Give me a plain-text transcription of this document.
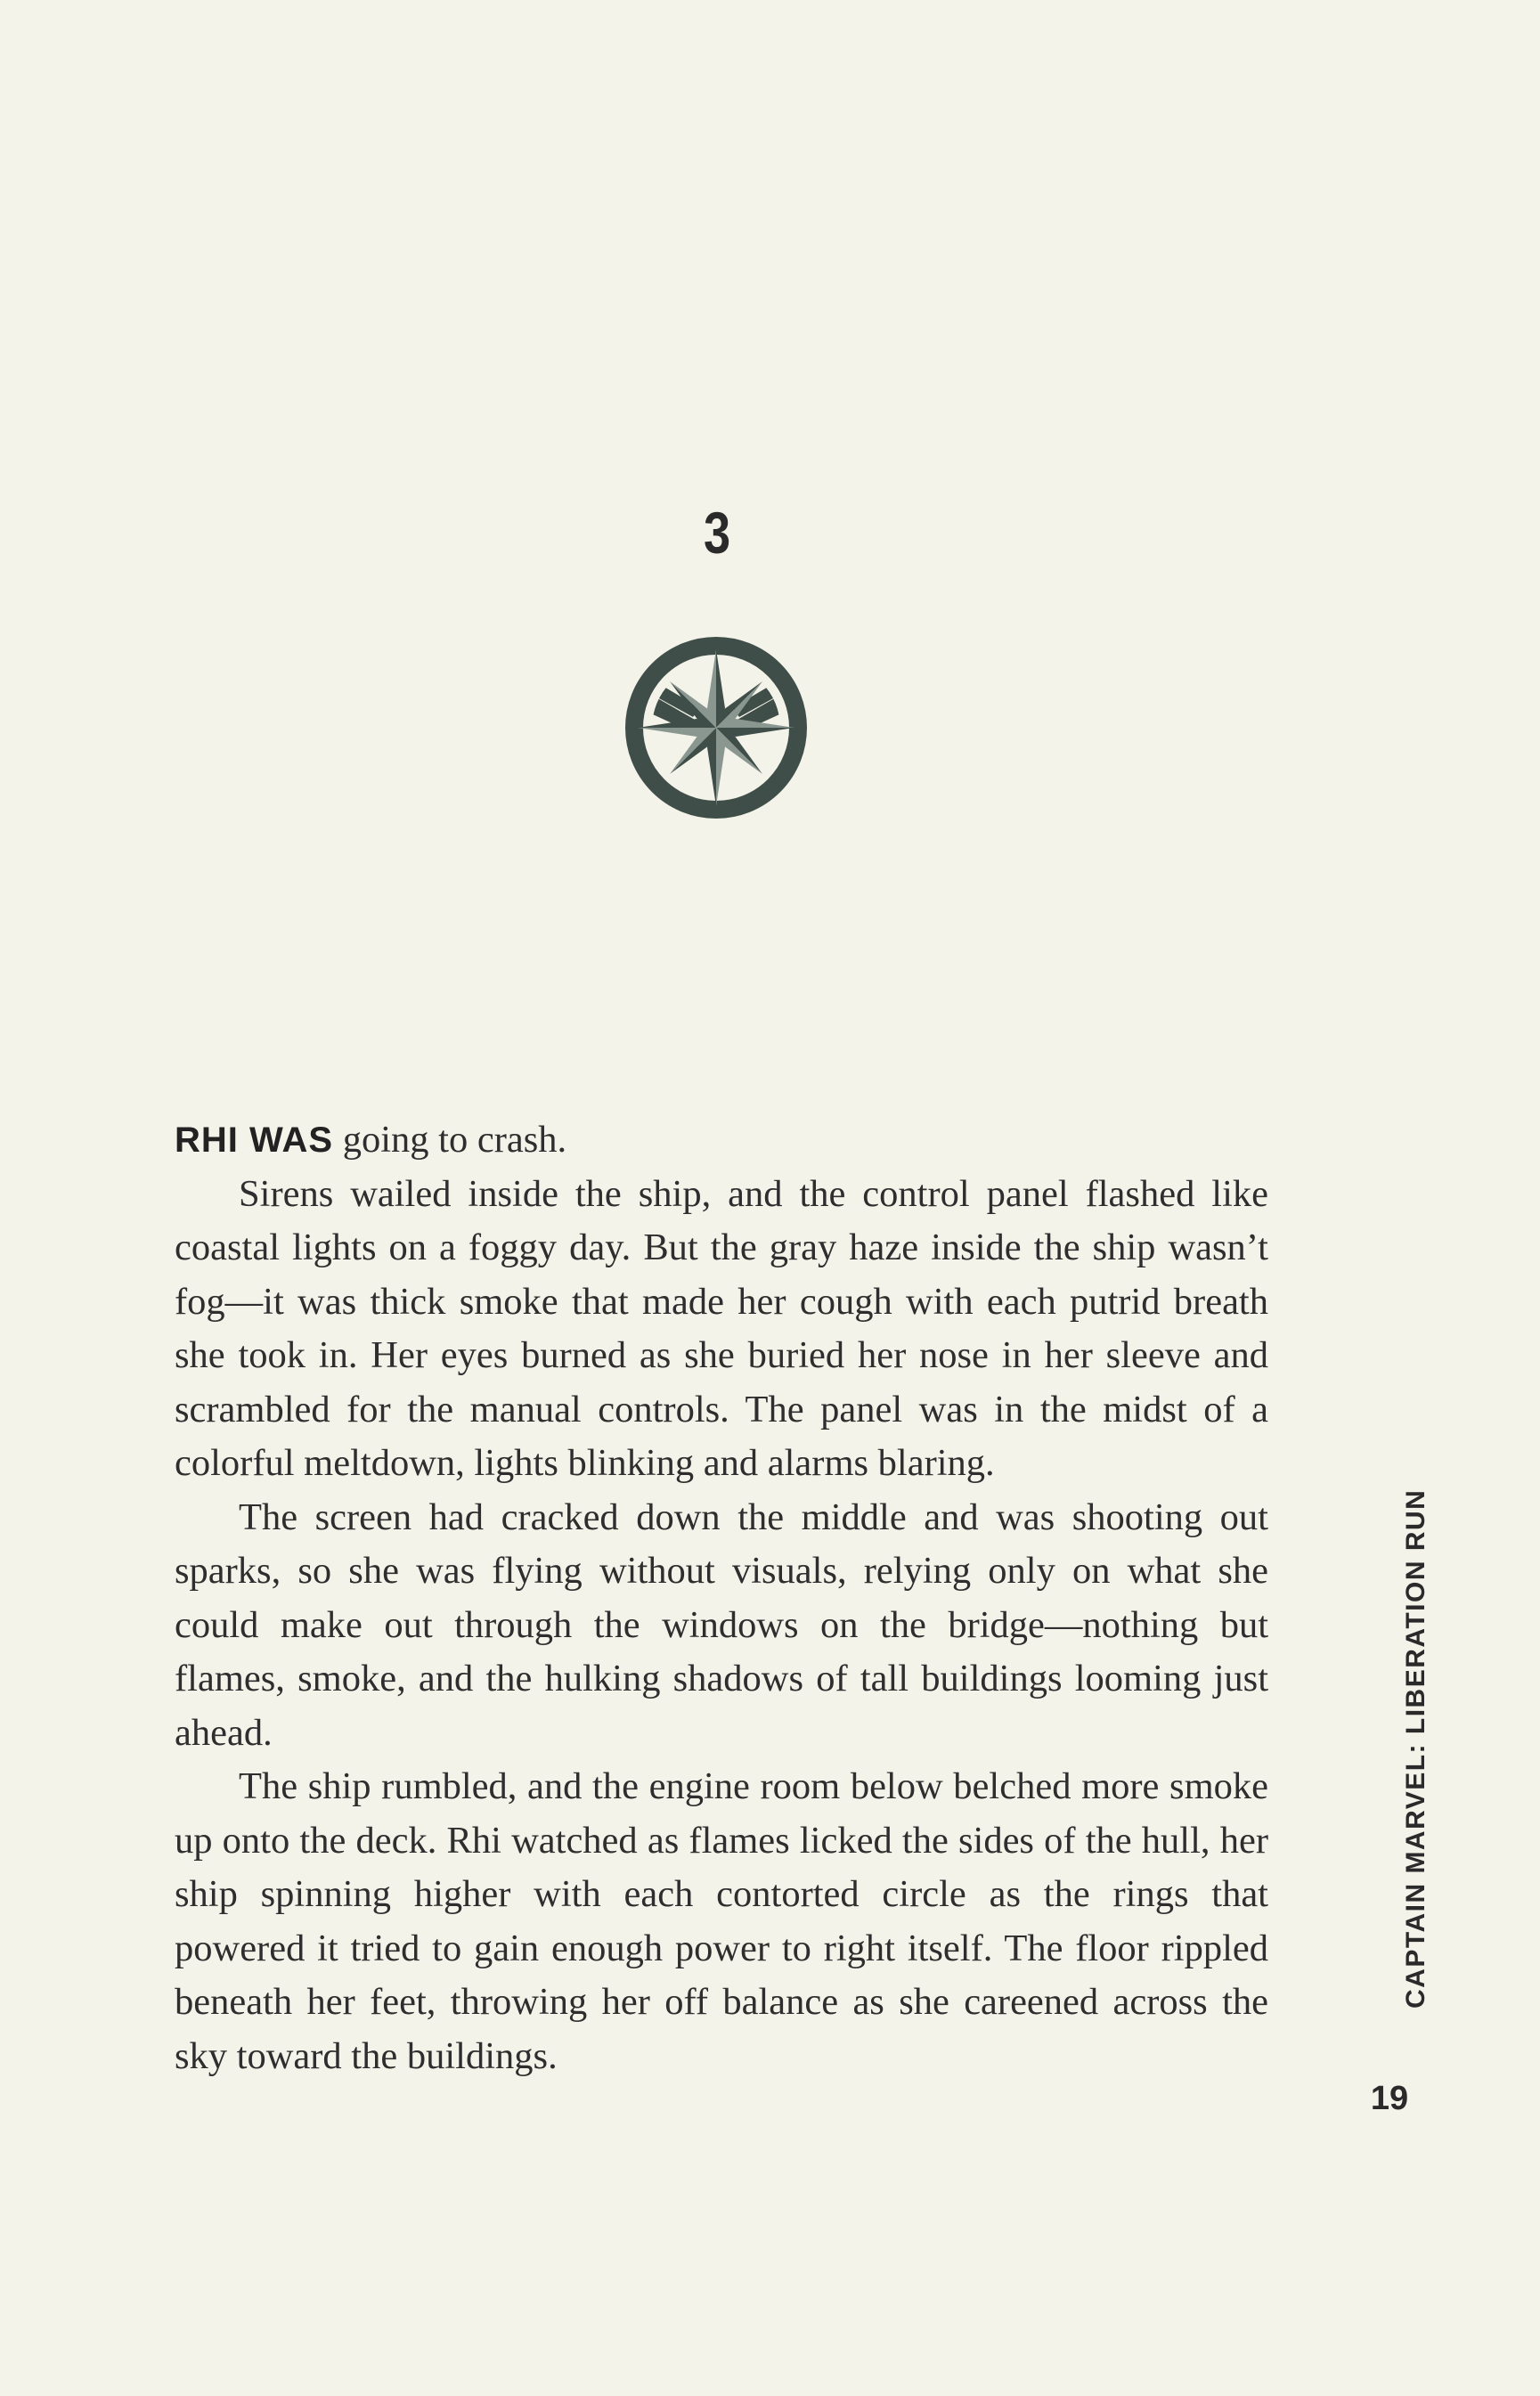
3

RHI WAS going to crash.

Sirens wailed inside the ship, and the control panel flashed like coastal lights on a foggy day. But the gray haze inside the ship wasn’t fog—it was thick smoke that made her cough with each putrid breath she took in. Her eyes burned as she buried her nose in her sleeve and scrambled for the manual controls. The panel was in the midst of a colorful meltdown, lights blinking and alarms blaring.

The screen had cracked down the middle and was shooting out sparks, so she was flying without visuals, relying only on what she could make out through the windows on the bridge—nothing but flames, smoke, and the hulking shadows of tall buildings looming just ahead.

The ship rumbled, and the engine room below belched more smoke up onto the deck. Rhi watched as flames licked the sides of the hull, her ship spinning higher with each contorted circle as the rings that powered it tried to gain enough power to right itself. The floor rippled beneath her feet, throwing her off balance as she careened across the sky toward the buildings.

CAPTAIN MARVEL: LIBERATION RUN
19
